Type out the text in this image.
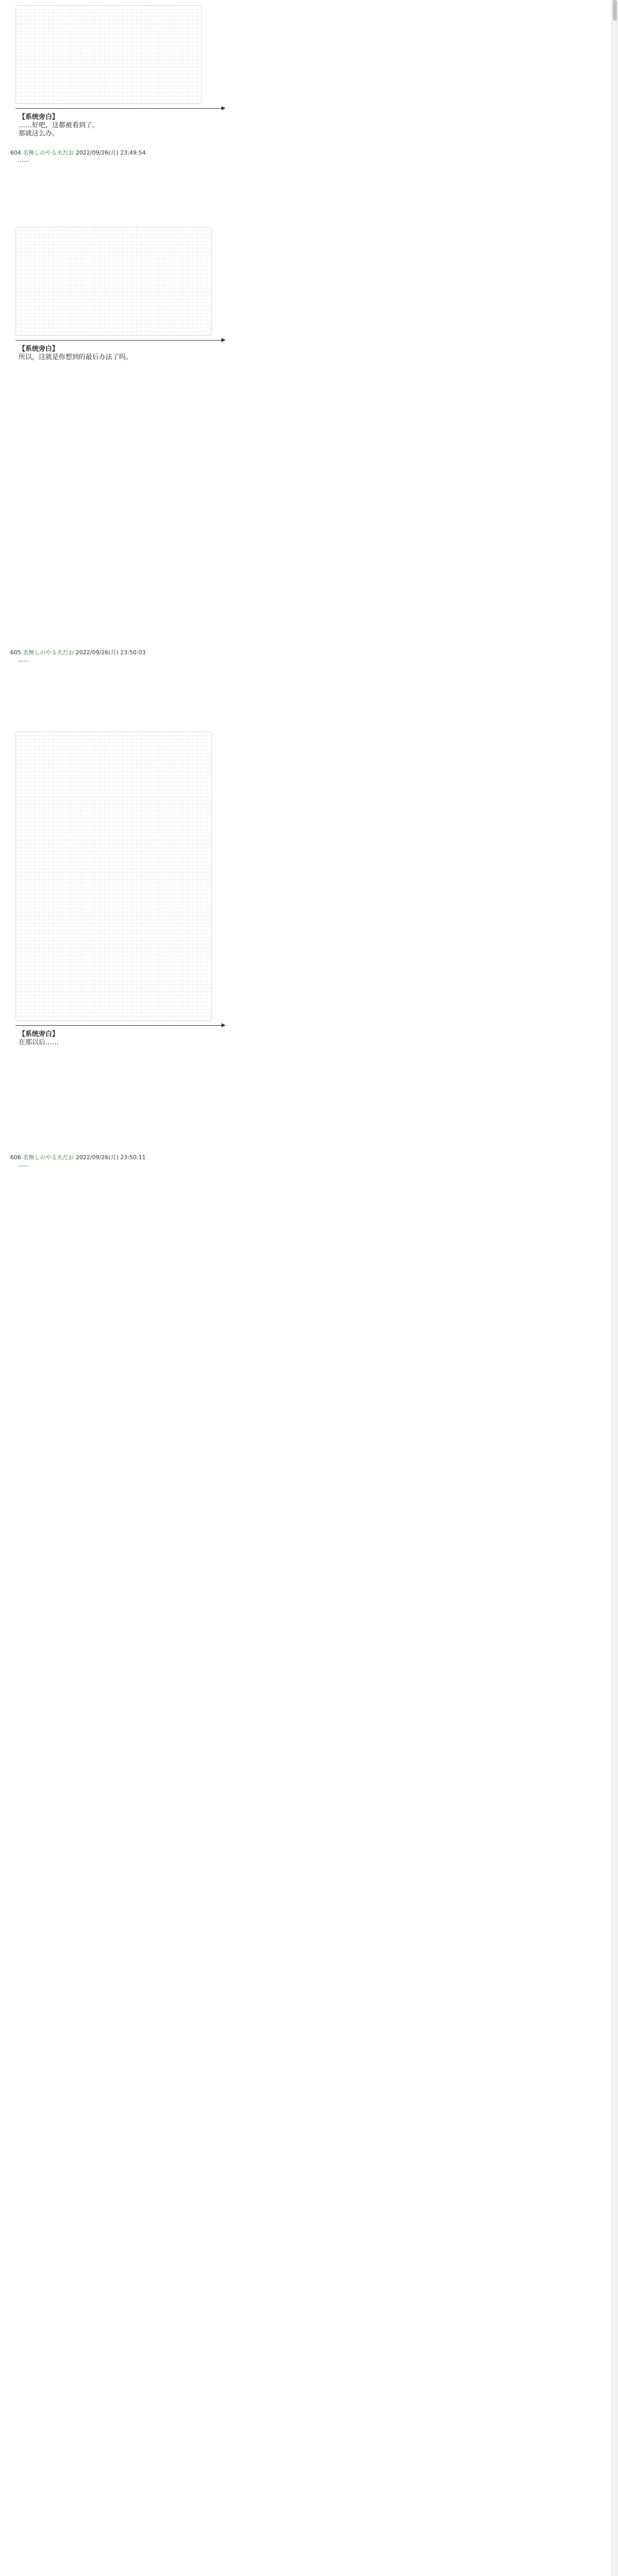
【系统旁白】
……好吧，这都被看到了。
那就这么办。
604 名無しのやる夫だお 2022/09/26(月) 23:49:54
……
【系统旁白】
所以，这就是你想到的最后办法了吗。
605 名無しのやる夫だお 2022/09/26(月) 23:50:03
……
【系统旁白】
在那以后……
606 名無しのやる夫だお 2022/09/26(月) 23:50:11
……
